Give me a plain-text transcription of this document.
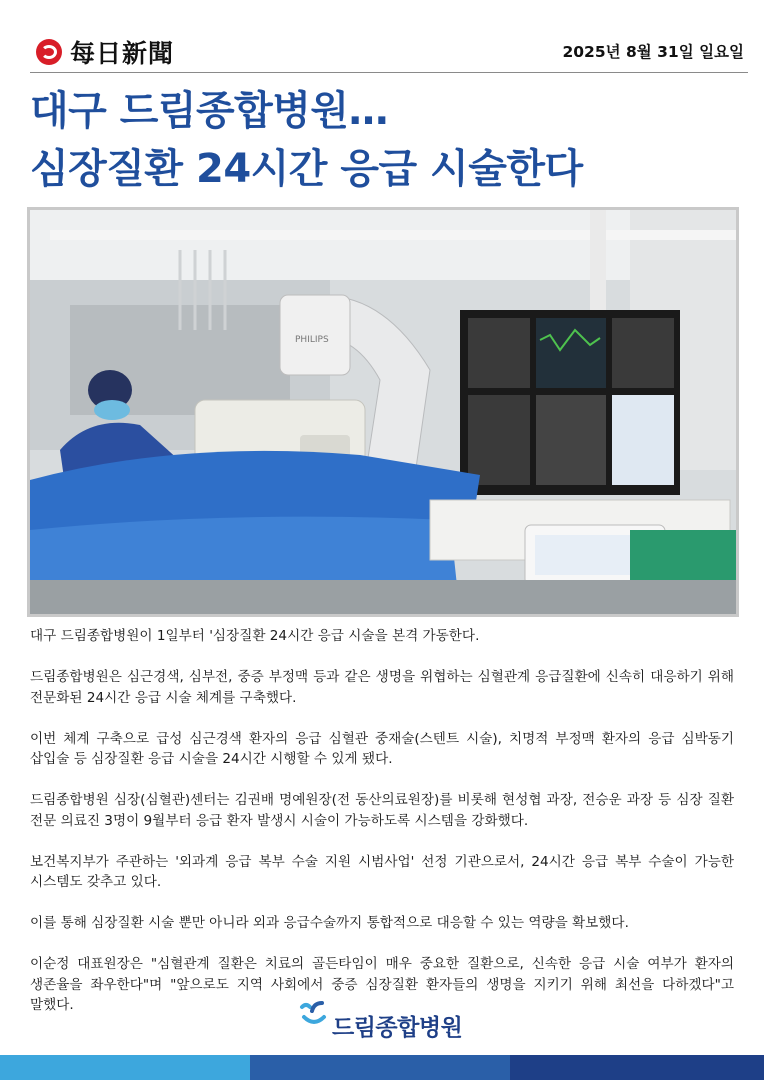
每日新聞	2025년 8월 31일 일요일
대구 드림종합병원…
심장질환 24시간 응급 시술한다
PHILIPS

대구 드림종합병원이 1일부터 '심장질환 24시간 응급 시술을 본격 가동한다.

드림종합병원은 심근경색, 심부전, 중증 부정맥 등과 같은 생명을 위협하는 심혈관계 응급질환에 신속히 대응하기 위해 전문화된 24시간 응급 시술 체계를 구축했다.

이번 체계 구축으로 급성 심근경색 환자의 응급 심혈관 중재술(스텐트 시술), 치명적 부정맥 환자의 응급 심박동기 삽입술 등 심장질환 응급 시술을 24시간 시행할 수 있게 됐다.

드림종합병원 심장(심혈관)센터는 김권배 명예원장(전 동산의료원장)를 비롯해 현성협 과장, 전승운 과장 등 심장 질환 전문 의료진 3명이 9월부터 응급 환자 발생시 시술이 가능하도록 시스템을 강화했다.

보건복지부가 주관하는 '외과계 응급 복부 수술 지원 시범사업' 선정 기관으로서, 24시간 응급 복부 수술이 가능한 시스템도 갖추고 있다.

이를 통해 심장질환 시술 뿐만 아니라 외과 응급수술까지 통합적으로 대응할 수 있는 역량을 확보했다.

이순정 대표원장은 "심혈관계 질환은 치료의 골든타임이 매우 중요한 질환으로, 신속한 응급 시술 여부가 환자의 생존율을 좌우한다"며 "앞으로도 지역 사회에서 중증 심장질환 환자들의 생명을 지키기 위해 최선을 다하겠다"고 말했다.

드림종합병원
